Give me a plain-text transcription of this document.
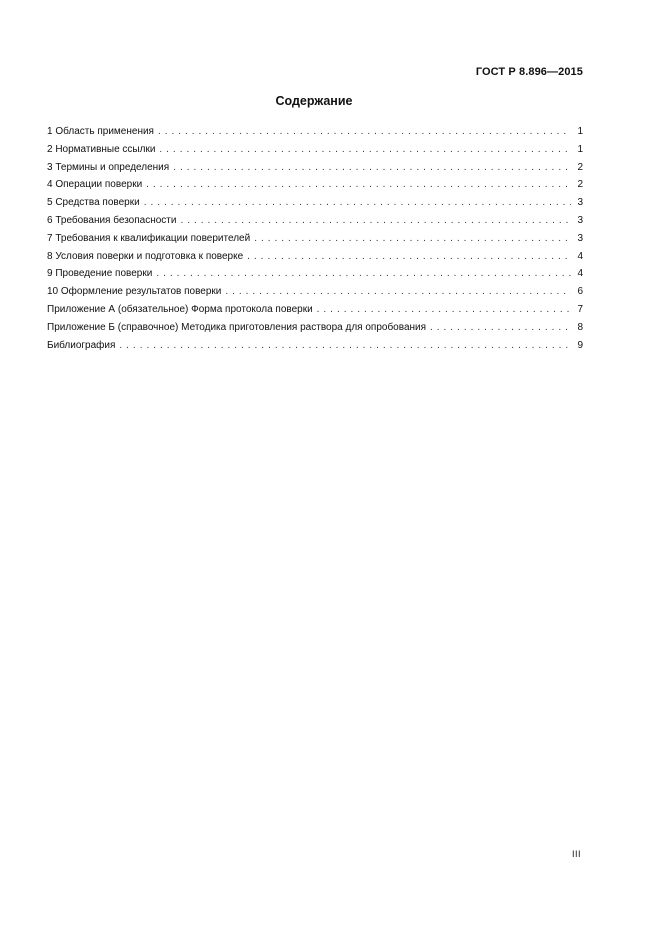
ГОСТ Р 8.896—2015
Содержание
1 Область применения . . .	1
2 Нормативные ссылки . . .	1
3 Термины и определения . . .	2
4 Операции поверки . . .	2
5 Средства поверки . . .	3
6 Требования безопасности . . .	3
7 Требования к квалификации поверителей . . .	3
8 Условия поверки и подготовка к поверке . . .	4
9 Проведение поверки . . .	4
10 Оформление результатов поверки . . .	6
Приложение А (обязательное) Форма протокола поверки . . .	7
Приложение Б (справочное) Методика приготовления раствора для опробования . . .	8
Библиография . . .	9
III
